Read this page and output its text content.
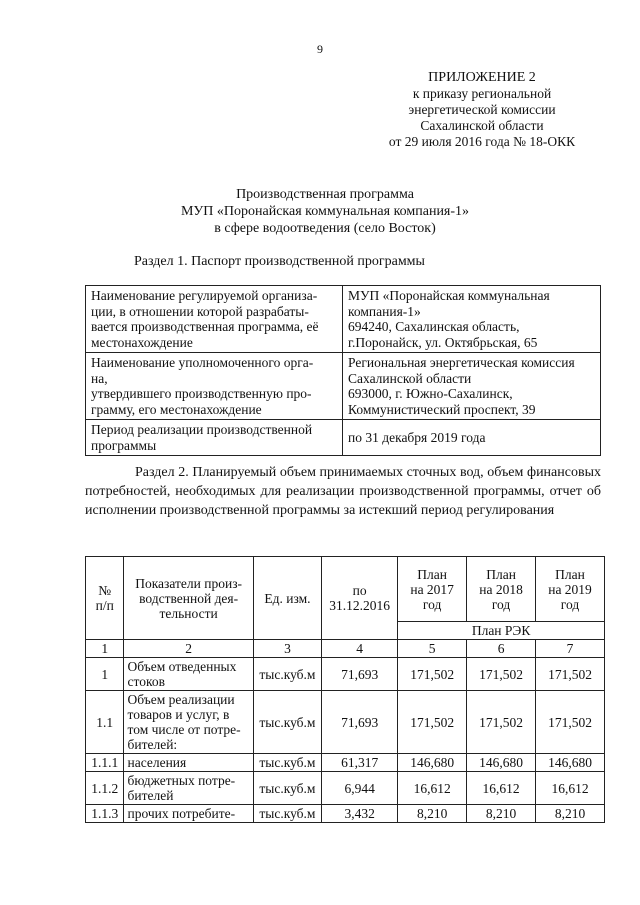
9
ПРИЛОЖЕНИЕ 2
к приказу региональной
энергетической комиссии
Сахалинской области
от 29 июля 2016 года № 18-ОКК
Производственная программа
МУП «Поронайская коммунальная компания-1»
в сфере водоотведения (село Восток)
Раздел 1. Паспорт производственной программы
Наименование регулируемой организа-
ции, в отношении которой разрабаты-
вается производственная программа, её
местонахождение	МУП «Поронайская коммунальная
компания-1»
694240, Сахалинская область,
г.Поронайск, ул. Октябрьская, 65

Наименование уполномоченного орга-
на,
утвердившего производственную про-
грамму, его местонахождение	Региональная энергетическая комиссия
Сахалинской области
693000, г. Южно-Сахалинск,
Коммунистический проспект, 39

Период реализации производственной
программы	по 31 декабря 2019 года
Раздел 2. Планируемый объем принимаемых сточных вод, объем финансовых потребностей, необходимых для реализации производственной программы, отчет об исполнении производственной программы за истекший период регулирования
№
п/п	Показатели произ-
водственной дея-
тельности	Ед. изм.	по
31.12.2016	План
на 2017
год	План
на 2018
год	План
на 2019
год

				План РЭК		
1	2	3	4	5	6	7
1	Объем отведенных
стоков	тыс.куб.м	71,693	171,502	171,502	171,502
1.1	Объем реализации
товаров и услуг, в
том числе от потре-
бителей:	тыс.куб.м	71,693	171,502	171,502	171,502
1.1.1	населения	тыс.куб.м	61,317	146,680	146,680	146,680
1.1.2	бюджетных потре-
бителей	тыс.куб.м	6,944	16,612	16,612	16,612
1.1.3	прочих потребите-	тыс.куб.м	3,432	8,210	8,210	8,210
